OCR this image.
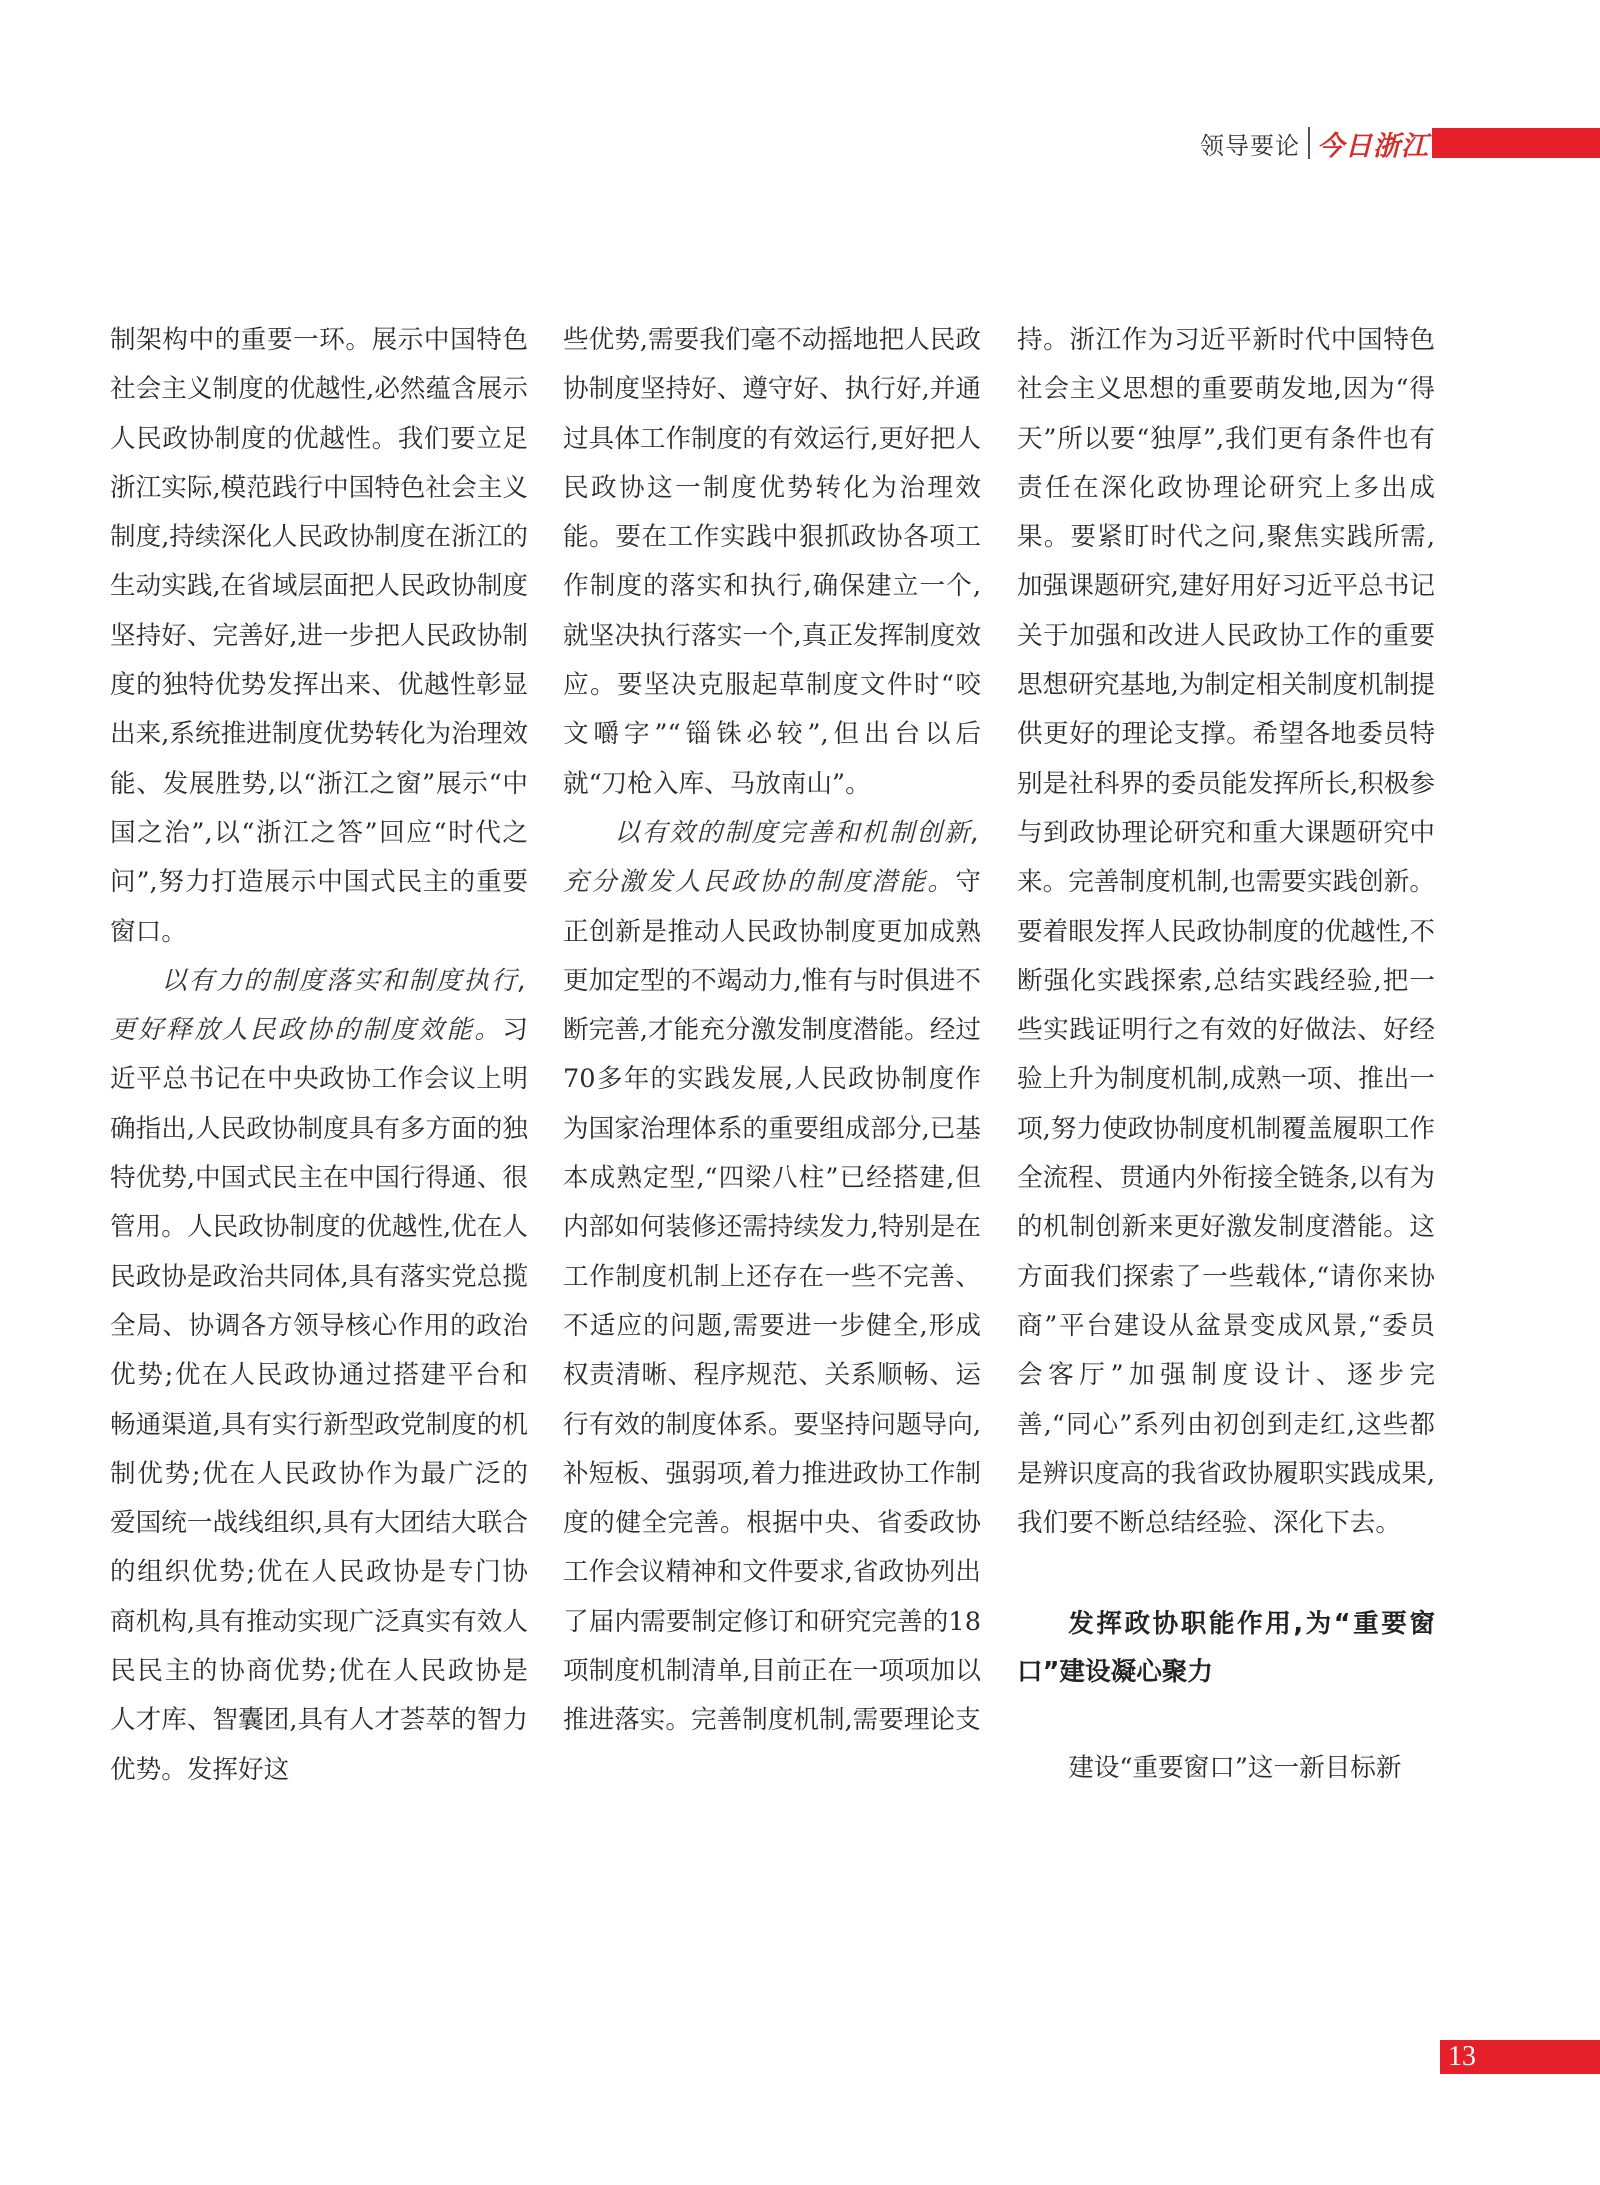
领导要论 今日浙江

制架构中的重要一环。展示中国特色社会主义制度的优越性,必然蕴含展示人民政协制度的优越性。我们要立足浙江实际,模范践行中国特色社会主义制度,持续深化人民政协制度在浙江的生动实践,在省域层面把人民政协制度坚持好、完善好,进一步把人民政协制度的独特优势发挥出来、优越性彰显出来,系统推进制度优势转化为治理效能、发展胜势,以“浙江之窗”展示“中国之治”,以“浙江之答”回应“时代之问”,努力打造展示中国式民主的重要窗口。

以有力的制度落实和制度执行,更好释放人民政协的制度效能。习近平总书记在中央政协工作会议上明确指出,人民政协制度具有多方面的独特优势,中国式民主在中国行得通、很管用。人民政协制度的优越性,优在人民政协是政治共同体,具有落实党总揽全局、协调各方领导核心作用的政治优势;优在人民政协通过搭建平台和畅通渠道,具有实行新型政党制度的机制优势;优在人民政协作为最广泛的爱国统一战线组织,具有大团结大联合的组织优势;优在人民政协是专门协商机构,具有推动实现广泛真实有效人民民主的协商优势;优在人民政协是人才库、智囊团,具有人才荟萃的智力优势。发挥好这

些优势,需要我们毫不动摇地把人民政协制度坚持好、遵守好、执行好,并通过具体工作制度的有效运行,更好把人民政协这一制度优势转化为治理效能。要在工作实践中狠抓政协各项工作制度的落实和执行,确保建立一个,就坚决执行落实一个,真正发挥制度效应。要坚决克服起草制度文件时“咬文嚼字”“锱铢必较”,但出台以后就“刀枪入库、马放南山”。

以有效的制度完善和机制创新,充分激发人民政协的制度潜能。守正创新是推动人民政协制度更加成熟更加定型的不竭动力,惟有与时俱进不断完善,才能充分激发制度潜能。经过70多年的实践发展,人民政协制度作为国家治理体系的重要组成部分,已基本成熟定型,“四梁八柱”已经搭建,但内部如何装修还需持续发力,特别是在工作制度机制上还存在一些不完善、不适应的问题,需要进一步健全,形成权责清晰、程序规范、关系顺畅、运行有效的制度体系。要坚持问题导向,补短板、强弱项,着力推进政协工作制度的健全完善。根据中央、省委政协工作会议精神和文件要求,省政协列出了届内需要制定修订和研究完善的18项制度机制清单,目前正在一项项加以推进落实。完善制度机制,需要理论支

持。浙江作为习近平新时代中国特色社会主义思想的重要萌发地,因为“得天”所以要“独厚”,我们更有条件也有责任在深化政协理论研究上多出成果。要紧盯时代之问,聚焦实践所需,加强课题研究,建好用好习近平总书记关于加强和改进人民政协工作的重要思想研究基地,为制定相关制度机制提供更好的理论支撑。希望各地委员特别是社科界的委员能发挥所长,积极参与到政协理论研究和重大课题研究中来。完善制度机制,也需要实践创新。要着眼发挥人民政协制度的优越性,不断强化实践探索,总结实践经验,把一些实践证明行之有效的好做法、好经验上升为制度机制,成熟一项、推出一项,努力使政协制度机制覆盖履职工作全流程、贯通内外衔接全链条,以有为的机制创新来更好激发制度潜能。这方面我们探索了一些载体,“请你来协商”平台建设从盆景变成风景,“委员会客厅”加强制度设计、逐步完善,“同心”系列由初创到走红,这些都是辨识度高的我省政协履职实践成果,我们要不断总结经验、深化下去。

发挥政协职能作用,为“重要窗口”建设凝心聚力

建设“重要窗口”这一新目标新

13
